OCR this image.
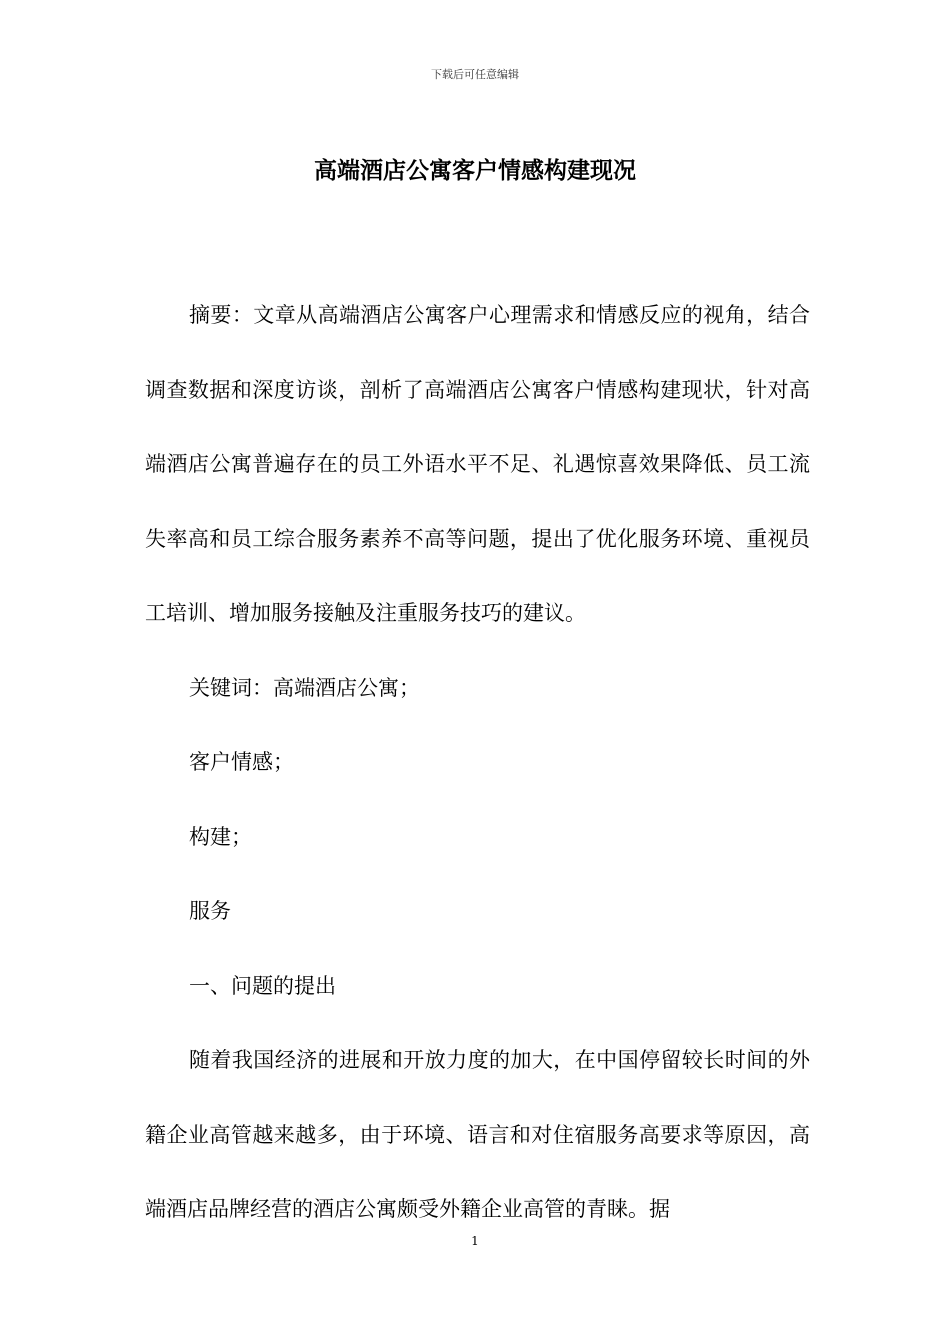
下载后可任意编辑
高端酒店公寓客户情感构建现况

摘要：文章从高端酒店公寓客户心理需求和情感反应的视角，结合调查数据和深度访谈，剖析了高端酒店公寓客户情感构建现状，针对高端酒店公寓普遍存在的员工外语水平不足、礼遇惊喜效果降低、员工流失率高和员工综合服务素养不高等问题，提出了优化服务环境、重视员工培训、增加服务接触及注重服务技巧的建议。

关键词：高端酒店公寓；

客户情感；

构建；

服务

一、问题的提出

随着我国经济的进展和开放力度的加大，在中国停留较长时间的外籍企业高管越来越多，由于环境、语言和对住宿服务高要求等原因，高端酒店品牌经营的酒店公寓颇受外籍企业高管的青睐。据

1
